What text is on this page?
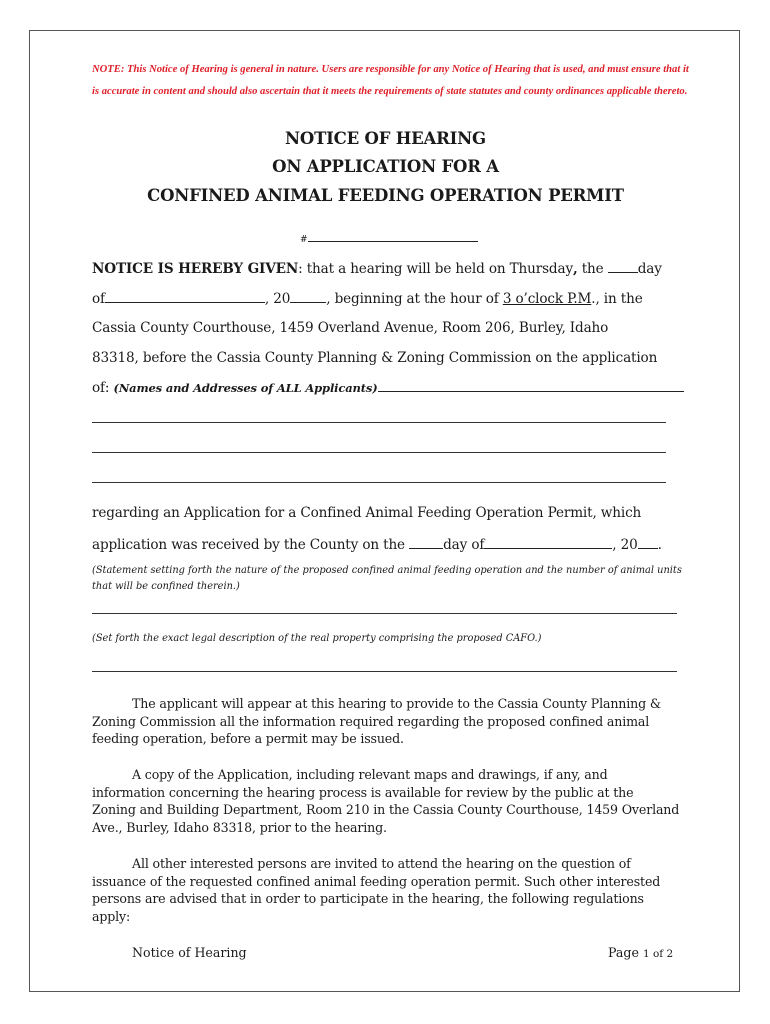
NOTE: This Notice of Hearing is general in nature. Users are responsible for any Notice of Hearing that is used, and must ensure that it is accurate in content and should also ascertain that it meets the requirements of state statutes and county ordinances applicable thereto.
NOTICE OF HEARING
ON APPLICATION FOR A
CONFINED ANIMAL FEEDING OPERATION PERMIT
#
NOTICE IS HEREBY GIVEN: that a hearing will be held on Thursday, the day
of	, 20	, beginning at the hour of 3 o’clock P.M., in the
Cassia County Courthouse, 1459 Overland Avenue, Room 206, Burley, Idaho
83318, before the Cassia County Planning & Zoning Commission on the application
of: (Names and Addresses of ALL Applicants)
regarding an Application for a Confined Animal Feeding Operation Permit, which
application was received by the County on the	day of	, 20 .
(Statement setting forth the nature of the proposed confined animal feeding operation and the number of animal units that will be confined therein.)
(Set forth the exact legal description of the real property comprising the proposed CAFO.)
The applicant will appear at this hearing to provide to the Cassia County Planning & Zoning Commission all the information required regarding the proposed confined animal feeding operation, before a permit may be issued.
A copy of the Application, including relevant maps and drawings, if any, and information concerning the hearing process is available for review by the public at the Zoning and Building Department, Room 210 in the Cassia County Courthouse, 1459 Overland Ave., Burley, Idaho 83318, prior to the hearing.
All other interested persons are invited to attend the hearing on the question of issuance of the requested confined animal feeding operation permit. Such other interested persons are advised that in order to participate in the hearing, the following regulations apply:
Notice of Hearing	Page 1 of 2
